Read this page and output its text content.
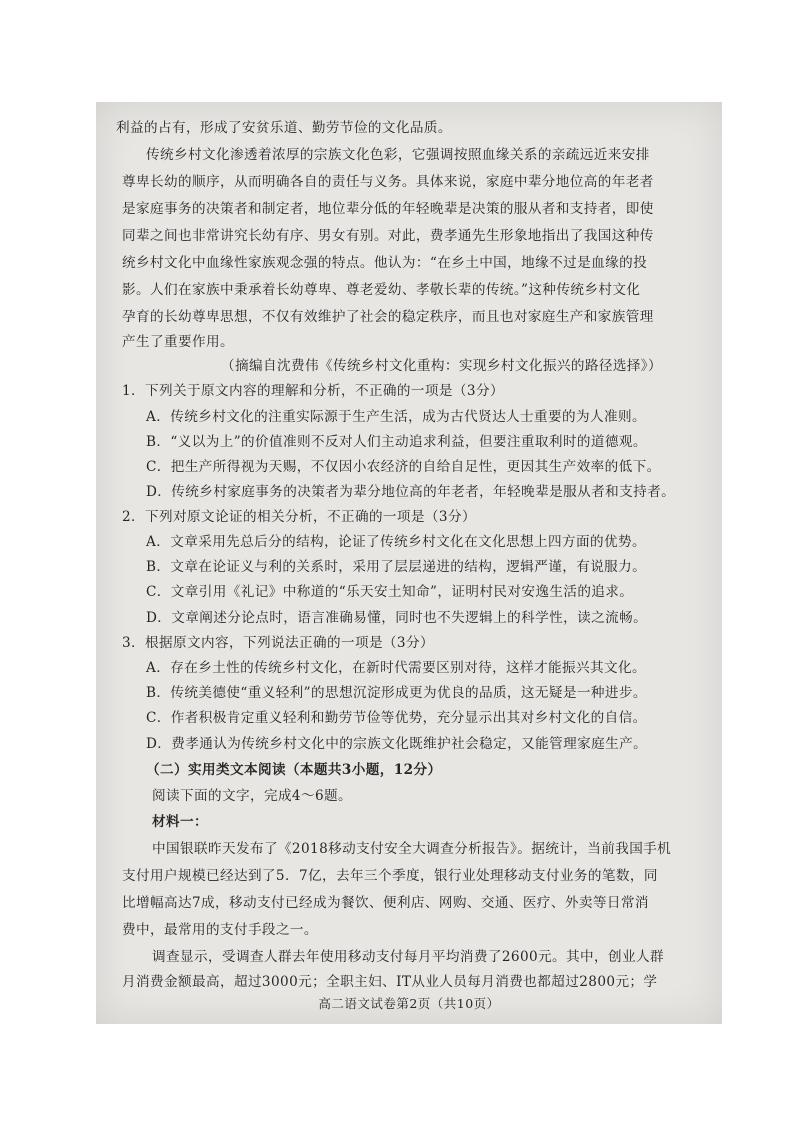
利益的占有，形成了安贫乐道、勤劳节俭的文化品质。
传统乡村文化渗透着浓厚的宗族文化色彩，它强调按照血缘关系的亲疏远近来安排
尊卑长幼的顺序，从而明确各自的责任与义务。具体来说，家庭中辈分地位高的年老者
是家庭事务的决策者和制定者，地位辈分低的年轻晚辈是决策的服从者和支持者，即使
同辈之间也非常讲究长幼有序、男女有别。对此，费孝通先生形象地指出了我国这种传
统乡村文化中血缘性家族观念强的特点。他认为：“在乡土中国，地缘不过是血缘的投
影。人们在家族中秉承着长幼尊卑、尊老爱幼、孝敬长辈的传统。”这种传统乡村文化
孕育的长幼尊卑思想，不仅有效维护了社会的稳定秩序，而且也对家庭生产和家族管理
产生了重要作用。
（摘编自沈费伟《传统乡村文化重构：实现乡村文化振兴的路径选择》）
1．下列关于原文内容的理解和分析，不正确的一项是（3分）
A．传统乡村文化的注重实际源于生产生活，成为古代贤达人士重要的为人准则。
B．“义以为上”的价值准则不反对人们主动追求利益，但要注重取利时的道德观。
C．把生产所得视为天赐，不仅因小农经济的自给自足性，更因其生产效率的低下。
D．传统乡村家庭事务的决策者为辈分地位高的年老者，年轻晚辈是服从者和支持者。
2．下列对原文论证的相关分析，不正确的一项是（3分）
A．文章采用先总后分的结构，论证了传统乡村文化在文化思想上四方面的优势。
B．文章在论证义与利的关系时，采用了层层递进的结构，逻辑严谨，有说服力。
C．文章引用《礼记》中称道的“乐天安土知命”，证明村民对安逸生活的追求。
D．文章阐述分论点时，语言准确易懂，同时也不失逻辑上的科学性，读之流畅。
3．根据原文内容，下列说法正确的一项是（3分）
A．存在乡土性的传统乡村文化，在新时代需要区别对待，这样才能振兴其文化。
B．传统美德使“重义轻利”的思想沉淀形成更为优良的品质，这无疑是一种进步。
C．作者积极肯定重义轻利和勤劳节俭等优势，充分显示出其对乡村文化的自信。
D．费孝通认为传统乡村文化中的宗族文化既维护社会稳定，又能管理家庭生产。
（二）实用类文本阅读（本题共3小题，12分）
阅读下面的文字，完成4～6题。
材料一：
中国银联昨天发布了《2018移动支付安全大调查分析报告》。据统计，当前我国手机
支付用户规模已经达到了5．7亿，去年三个季度，银行业处理移动支付业务的笔数，同
比增幅高达7成，移动支付已经成为餐饮、便利店、网购、交通、医疗、外卖等日常消
费中，最常用的支付手段之一。
调查显示，受调查人群去年使用移动支付每月平均消费了2600元。其中，创业人群
月消费金额最高，超过3000元；全职主妇、IT从业人员每月消费也都超过2800元；学
高二语文试卷第2页（共10页）
